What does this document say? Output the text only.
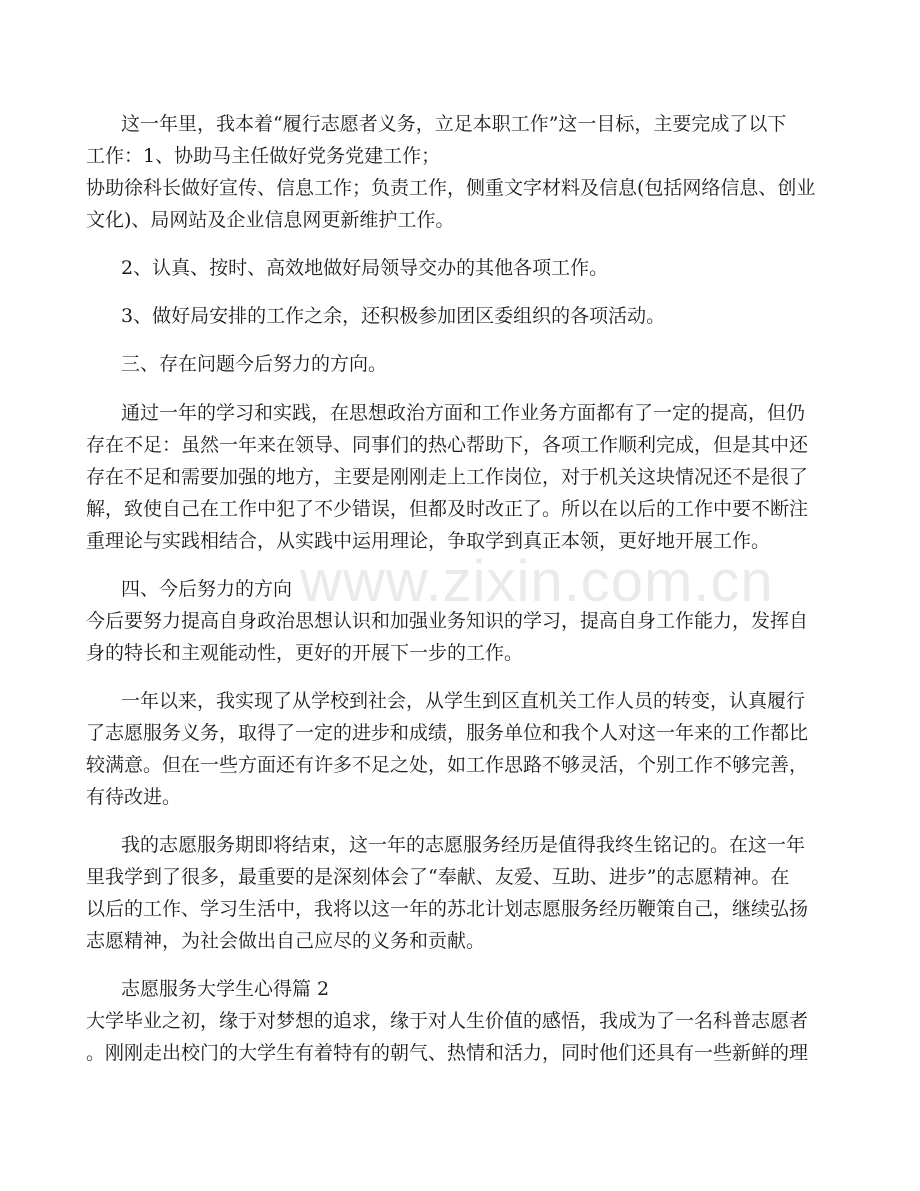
这一年里，我本着“履行志愿者义务，立足本职工作”这一目标，主要完成了以下
工作：1、协助马主任做好党务党建工作；
协助徐科长做好宣传、信息工作；负责工作，侧重文字材料及信息(包括网络信息、创业
文化)、局网站及企业信息网更新维护工作。
2、认真、按时、高效地做好局领导交办的其他各项工作。
3、做好局安排的工作之余，还积极参加团区委组织的各项活动。
三、存在问题今后努力的方向。
通过一年的学习和实践，在思想政治方面和工作业务方面都有了一定的提高，但仍
存在不足：虽然一年来在领导、同事们的热心帮助下，各项工作顺利完成，但是其中还
存在不足和需要加强的地方，主要是刚刚走上工作岗位，对于机关这块情况还不是很了
解，致使自己在工作中犯了不少错误，但都及时改正了。所以在以后的工作中要不断注
重理论与实践相结合，从实践中运用理论，争取学到真正本领，更好地开展工作。
四、今后努力的方向
今后要努力提高自身政治思想认识和加强业务知识的学习，提高自身工作能力，发挥自
身的特长和主观能动性，更好的开展下一步的工作。
一年以来，我实现了从学校到社会，从学生到区直机关工作人员的转变，认真履行
了志愿服务义务，取得了一定的进步和成绩，服务单位和我个人对这一年来的工作都比
较满意。但在一些方面还有许多不足之处，如工作思路不够灵活，个别工作不够完善，
有待改进。
我的志愿服务期即将结束，这一年的志愿服务经历是值得我终生铭记的。在这一年
里我学到了很多，最重要的是深刻体会了“奉献、友爱、互助、进步”的志愿精神。在
以后的工作、学习生活中，我将以这一年的苏北计划志愿服务经历鞭策自己，继续弘扬
志愿精神，为社会做出自己应尽的义务和贡献。
志愿服务大学生心得篇 2
大学毕业之初，缘于对梦想的追求，缘于对人生价值的感悟，我成为了一名科普志愿者
。刚刚走出校门的大学生有着特有的朝气、热情和活力，同时他们还具有一些新鲜的理
www.zixin.com.cn
